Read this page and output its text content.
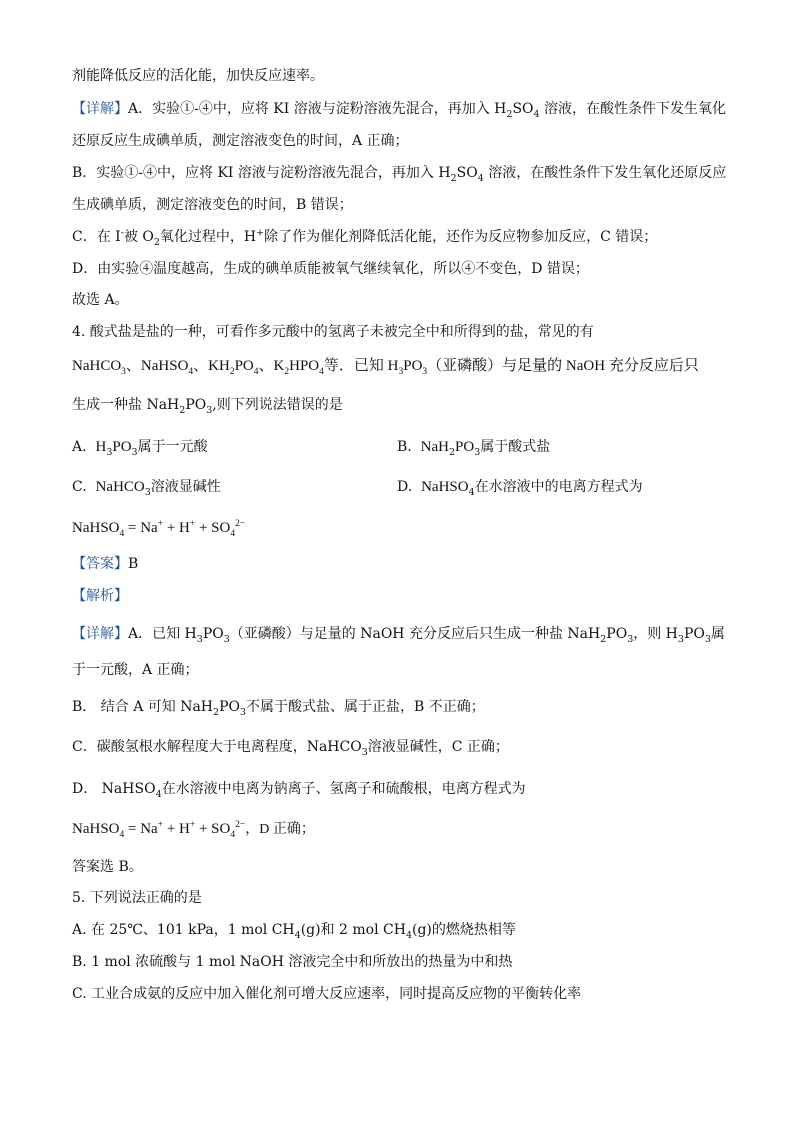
剂能降低反应的活化能，加快反应速率。
【详解】A．实验①-④中，应将 KI 溶液与淀粉溶液先混合，再加入 $H_2SO_4$ 溶液，在酸性条件下发生氧化
还原反应生成碘单质，测定溶液变色的时间，A 正确；
B．实验①-④中，应将 KI 溶液与淀粉溶液先混合，再加入 $H_2SO_4$ 溶液，在酸性条件下发生氧化还原反应
生成碘单质，测定溶液变色的时间，B 错误；
C．在 I-被 $O_2$氧化过程中，H+除了作为催化剂降低活化能，还作为反应物参加反应，C 错误；
D．由实验④温度越高，生成的碘单质能被氧气继续氧化，所以④不变色，D 错误；
故选 A。
4. 酸式盐是盐的一种，可看作多元酸中的氢离子未被完全中和所得到的盐，常见的有
NaHCO$_3$、NaHSO$_4$、$KH_2PO_4$、$K_2HPO_4$等．已知 $H_3PO_3$（亚磷酸）与足量的 NaOH 充分反应后只
生成一种盐 $NaH_2PO_3$,则下列说法错误的是
A. $H_3PO_3$属于一元酸	B. $NaH_2PO_3$属于酸式盐
C. NaHCO$_3$溶液显碱性	D. NaHSO$_4$在水溶液中的电离方程式为
NaHSO$_4$ = $Na^+ + H^+ + SO_4^{2-}$
【答案】B
【解析】
【详解】A．已知 $H_3PO_3$（亚磷酸）与足量的 NaOH 充分反应后只生成一种盐 $NaH_2PO_3$，则 $H_3PO_3$属
于一元酸，A 正确；
B． 结合 A 可知 $NaH_2PO_3$不属于酸式盐、属于正盐，B 不正确；
C．碳酸氢根水解程度大于电离程度，NaHCO$_3$溶液显碱性，C 正确；
D． NaHSO$_4$在水溶液中电离为钠离子、氢离子和硫酸根，电离方程式为
NaHSO$_4$ = $Na^+ + H^+ + SO_4^{2-}$，D 正确；
答案选 B。
5. 下列说法正确的是
A. 在 25℃、101 kPa，1 mol $CH_4(g)$和 2 mol $CH_4(g)$的燃烧热相等
B. 1 mol 浓硫酸与 1 mol NaOH 溶液完全中和所放出的热量为中和热
C. 工业合成氨的反应中加入催化剂可增大反应速率，同时提高反应物的平衡转化率
